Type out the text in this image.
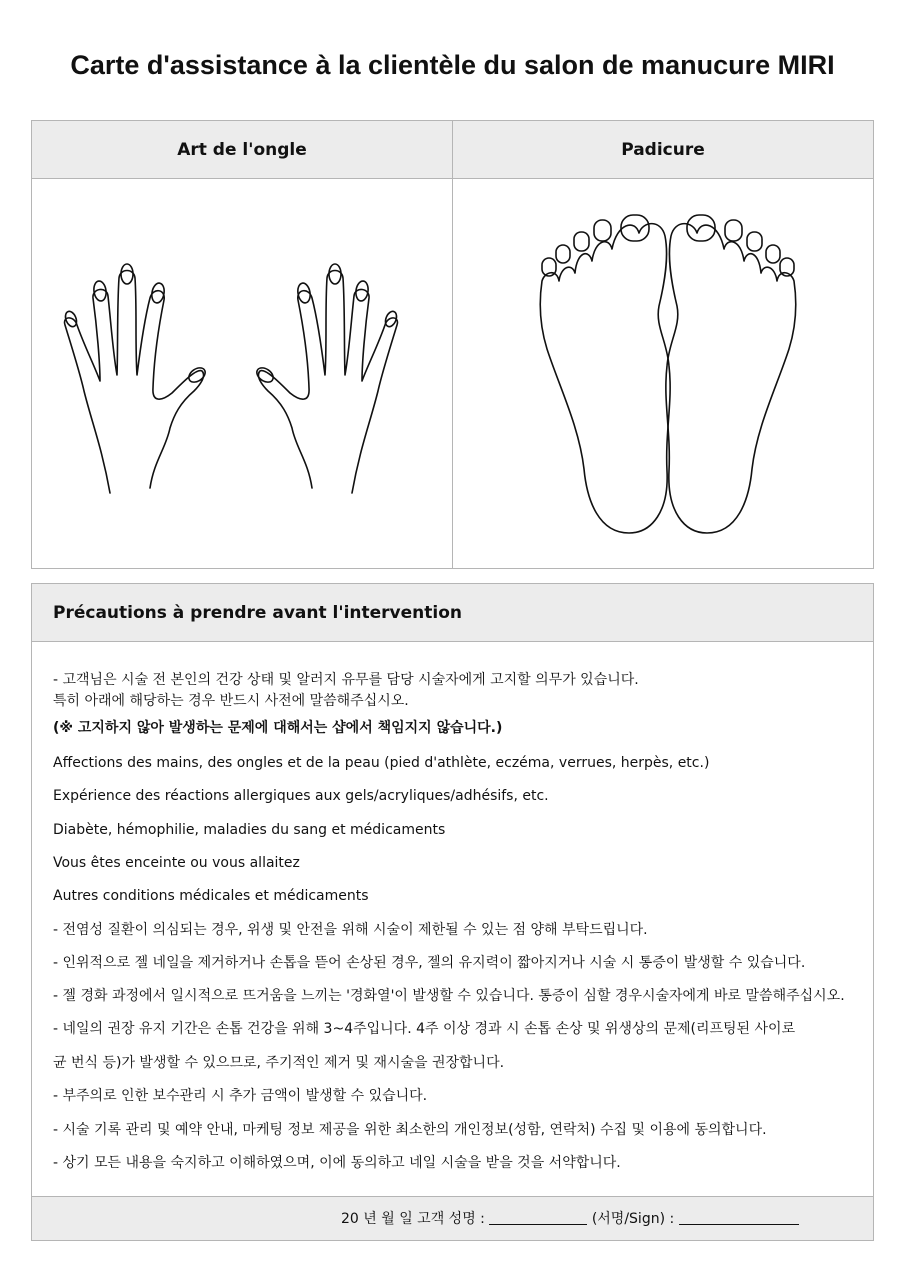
Carte d'assistance à la clientèle du salon de manucure MIRI
Art de l'ongle	Padicure
Précautions à prendre avant l'intervention
- 고객님은 시술 전 본인의 건강 상태 및 알러지 유무를 담당 시술자에게 고지할 의무가 있습니다.
특히 아래에 해당하는 경우 반드시 사전에 말씀해주십시오.
(※ 고지하지 않아 발생하는 문제에 대해서는 샵에서 책임지지 않습니다.)
Affections des mains, des ongles et de la peau (pied d'athlète, eczéma, verrues, herpès, etc.)
Expérience des réactions allergiques aux gels/acryliques/adhésifs, etc.
Diabète, hémophilie, maladies du sang et médicaments
Vous êtes enceinte ou vous allaitez
Autres conditions médicales et médicaments
- 전염성 질환이 의심되는 경우, 위생 및 안전을 위해 시술이 제한될 수 있는 점 양해 부탁드립니다.
- 인위적으로 젤 네일을 제거하거나 손톱을 뜯어 손상된 경우, 젤의 유지력이 짧아지거나 시술 시 통증이 발생할 수 있습니다.
- 젤 경화 과정에서 일시적으로 뜨거움을 느끼는 '경화열'이 발생할 수 있습니다. 통증이 심할 경우시술자에게 바로 말씀해주십시오.
- 네일의 권장 유지 기간은 손톱 건강을 위해 3~4주입니다. 4주 이상 경과 시 손톱 손상 및 위생상의 문제(리프팅된 사이로
균 번식 등)가 발생할 수 있으므로, 주기적인 제거 및 재시술을 권장합니다.
- 부주의로 인한 보수관리 시 추가 금액이 발생할 수 있습니다.
- 시술 기록 관리 및 예약 안내, 마케팅 정보 제공을 위한 최소한의 개인정보(성함, 연락처) 수집 및 이용에 동의합니다.
- 상기 모든 내용을 숙지하고 이해하였으며, 이에 동의하고 네일 시술을 받을 것을 서약합니다.
20 년 월 일 고객 성명 :	(서명/Sign) :
